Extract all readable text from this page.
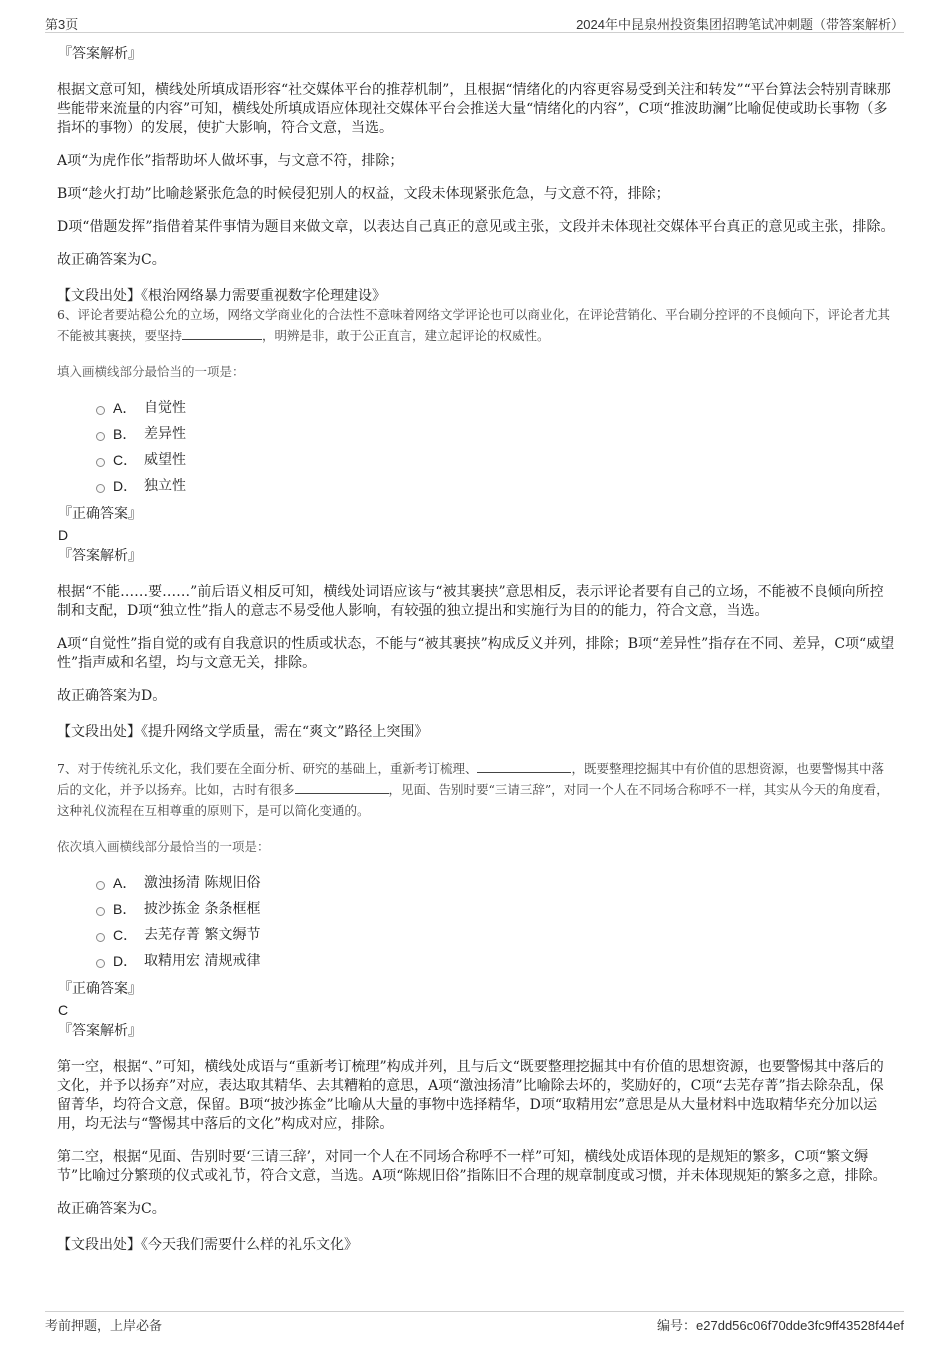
第3页	2024年中昆泉州投资集团招聘笔试冲刺题（带答案解析）

『答案解析』

根据文意可知，横线处所填成语形容“社交媒体平台的推荐机制”，且根据“情绪化的内容更容易受到关注和转发”“平台算法会特别青睐那些能带来流量的内容”可知，横线处所填成语应体现社交媒体平台会推送大量“情绪化的内容”，C项“推波助澜”比喻促使或助长事物（多指坏的事物）的发展，使扩大影响，符合文意，当选。

A项“为虎作伥”指帮助坏人做坏事，与文意不符，排除；

B项“趁火打劫”比喻趁紧张危急的时候侵犯别人的权益，文段未体现紧张危急，与文意不符，排除；

D项“借题发挥”指借着某件事情为题目来做文章，以表达自己真正的意见或主张，文段并未体现社交媒体平台真正的意见或主张，排除。

故正确答案为C。

【文段出处】《根治网络暴力需要重视数字伦理建设》

6、评论者要站稳公允的立场，网络文学商业化的合法性不意味着网络文学评论也可以商业化，在评论营销化、平台刷分控评的不良倾向下，评论者尤其不能被其裹挟，要坚持	，明辨是非，敢于公正直言，建立起评论的权威性。

填入画横线部分最恰当的一项是：

A． 自觉性
B． 差异性
C． 威望性
D． 独立性

『正确答案』

D

『答案解析』

根据“不能……要……”前后语义相反可知，横线处词语应该与“被其裹挟”意思相反，表示评论者要有自己的立场，不能被不良倾向所控制和支配，D项“独立性”指人的意志不易受他人影响，有较强的独立提出和实施行为目的的能力，符合文意，当选。

A项“自觉性”指自觉的或有自我意识的性质或状态，不能与“被其裹挟”构成反义并列，排除；B项“差异性”指存在不同、差异，C项“威望性”指声威和名望，均与文意无关，排除。

故正确答案为D。

【文段出处】《提升网络文学质量，需在“爽文”路径上突围》

7、对于传统礼乐文化，我们要在全面分析、研究的基础上，重新考订梳理、	，既要整理挖掘其中有价值的思想资源，也要警惕其中落后的文化，并予以扬弃。比如，古时有很多	，见面、告别时要“三请三辞”，对同一个人在不同场合称呼不一样，其实从今天的角度看，这种礼仪流程在互相尊重的原则下，是可以简化变通的。

依次填入画横线部分最恰当的一项是：

A． 激浊扬清 陈规旧俗
B． 披沙拣金 条条框框
C． 去芜存菁 繁文缛节
D． 取精用宏 清规戒律

『正确答案』

C

『答案解析』

第一空，根据“、”可知，横线处成语与“重新考订梳理”构成并列，且与后文“既要整理挖掘其中有价值的思想资源，也要警惕其中落后的文化，并予以扬弃”对应，表达取其精华、去其糟粕的意思，A项“激浊扬清”比喻除去坏的，奖励好的，C项“去芜存菁”指去除杂乱，保留菁华，均符合文意，保留。B项“披沙拣金”比喻从大量的事物中选择精华，D项“取精用宏”意思是从大量材料中选取精华充分加以运用，均无法与“警惕其中落后的文化”构成对应，排除。

第二空，根据“见面、告别时要‘三请三辞’，对同一个人在不同场合称呼不一样”可知，横线处成语体现的是规矩的繁多，C项“繁文缛节”比喻过分繁琐的仪式或礼节，符合文意，当选。A项“陈规旧俗”指陈旧不合理的规章制度或习惯，并未体现规矩的繁多之意，排除。

故正确答案为C。

【文段出处】《今天我们需要什么样的礼乐文化》

考前押题，上岸必备	编号：e27dd56c06f70dde3fc9ff43528f44ef
